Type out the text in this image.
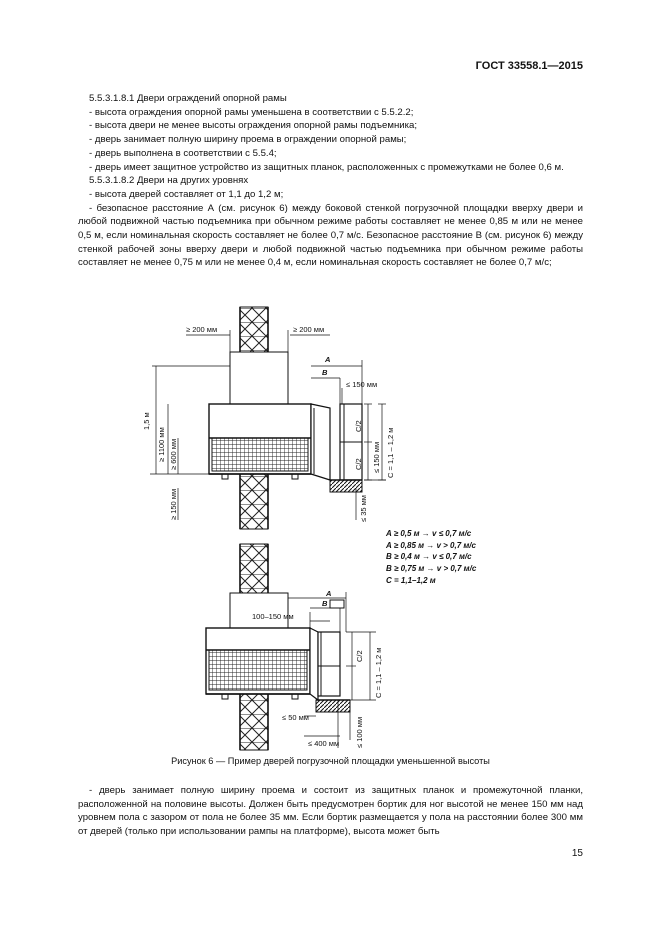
ГОСТ 33558.1—2015

5.5.3.1.8.1 Двери ограждений опорной рамы

- высота ограждения опорной рамы уменьшена в соответствии с 5.5.2.2;

- высота двери не менее высоты ограждения опорной рамы подъемника;

- дверь занимает полную ширину проема в ограждении опорной рамы;

- дверь выполнена в соответствии с 5.5.4;

- дверь имеет защитное устройство из защитных планок, расположенных с промежутками не более 0,6 м.

5.5.3.1.8.2 Двери на других уровнях

- высота дверей составляет от 1,1 до 1,2 м;

- безопасное расстояние А (см. рисунок 6) между боковой стенкой погрузочной площадки вверху двери и любой подвижной частью подъемника при обычном режиме работы составляет не менее 0,85 м или не менее 0,5 м, если номинальная скорость составляет не более 0,7 м/с. Безопасное расстояние В (см. рисунок 6) между стенкой рабочей зоны вверху двери и любой подвижной частью подъемника при обычном режиме работы составляет не менее 0,75 м или не менее 0,4 м, если номинальная скорость составляет не более 0,7 м/с;

≥ 200 мм	≥ 200 мм
A
B
≤ 150 мм
1,5 м
≥ 1100 мм ≥ 600 мм
≥ 150 мм
C/2
C/2 ≤ 150 мм C = 1,1 – 1,2 м
≤ 35 мм
A
B
100–150 мм
C/2 C = 1,1 – 1,2 м
≤ 50 мм
≤ 400 мм ≤ 100 мм
A ≥ 0,5 м → v ≤ 0,7 м/с
A ≥ 0,85 м → v > 0,7 м/с
B ≥ 0,4 м → v ≤ 0,7 м/с
B ≥ 0,75 м → v > 0,7 м/с
C = 1,1–1,2 м
Рисунок 6 — Пример дверей погрузочной площадки уменьшенной высоты

- дверь занимает полную ширину проема и состоит из защитных планок и промежуточной планки, расположенной на половине высоты. Должен быть предусмотрен бортик для ног высотой не менее 150 мм над уровнем пола с зазором от пола не более 35 мм. Если бортик размещается у пола на расстоянии более 300 мм от дверей (только при использовании рампы на платформе), высота может быть

15
